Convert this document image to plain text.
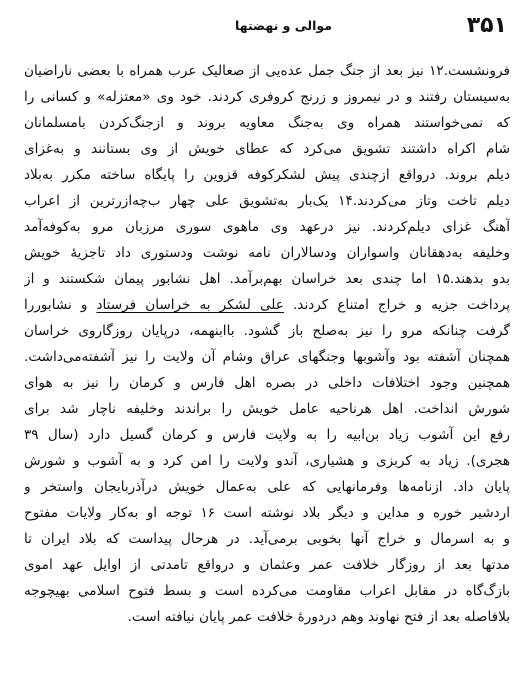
۳۵۱
موالی و نهضتها
فرونشست.۱۲ نیز بعد از جنگ جمل عده‌یی از صعالیک عرب همراه با بعضی ناراضیان
به‌سیستان رفتند و در نیمروز و زرنج کروفری کردند. خود وی «معتزله» و کسانی را
که نمی‌خواستند همراه وی به‌جنگ معاویه بروند و ازجنگ‌کردن بامسلمانان
شام اکراه داشتند تشویق می‌کرد که عطای خویش از وی بستانند و به‌غزای
دیلم بروند. درواقع ازچندی پیش لشکرکوفه قزوین را پایگاه ساخته مکرر به‌بلاد
دیلم تاخت وتاز می‌کردند.۱۴ یک‌بار به‌تشویق علی چهار ب‌چه‌ازرترین از اعراب
آهنگ غزای دیلم‌کردند. نیز درعهد وی ماهوی سوری مرزبان مرو به‌کوفه‌آمد
وخلیفه به‌دهقانان واسواران ودسالاران نامه نوشت ودستوری داد تاجزیهٔ خویش
بدو بدهند.۱۵ اما چندی بعد خراسان بهم‌برآمد. اهل نشابور پیمان شکستند و از
پرداخت جزیه و خراج امتناع کردند. علی لشکر به خراسان فرستاد و نشابوررا
گرفت چنانکه مرو را نیز به‌صلح باز گشود. باابنهمه، درپایان روزگاروی خراسان
همچنان آشفته بود وآشوبها وجنگهای عراق وشام آن ولایت را نیز آشفته‌می‌داشت.
همچنین وجود اختلافات داخلی در بصره اهل فارس و کرمان را نیز به هوای
شورش انداخت. اهل هرناحیه عامل خویش را براندند وخلیفه ناچار شد برای
رفع این آشوب زیاد بن‌ابیه را به ولایت فارس و کرمان گسیل دارد (سال ۳۹
هجری). زیاد به کربزی و هشیاری، آندو ولایت را امن کرد و به آشوب و شورش
پایان داد. ازنامه‌ها وفرمانهایی که علی به‌عمال خویش درآذربایجان واستخر و
اردشیر خوره و مداین و دیگر بلاد نوشته است ۱۶ توجه او به‌کار ولایات مفتوح
و به اسرمال و خراج آنها بخوبی برمی‌آید. در هرحال پیداست که بلاد ایران تا
مدتها بعد از روزگار خلافت عمر وعثمان و درواقع تامدتی از اوایل عهد اموی
بازگ‌گاه در مقابل اعراب مقاومت می‌کرده است و بسط فتوح اسلامی بهیچوجه
بلافاصله بعد از فتح نهاوند وهم دردورهٔ خلافت عمر پایان نیافته است.
